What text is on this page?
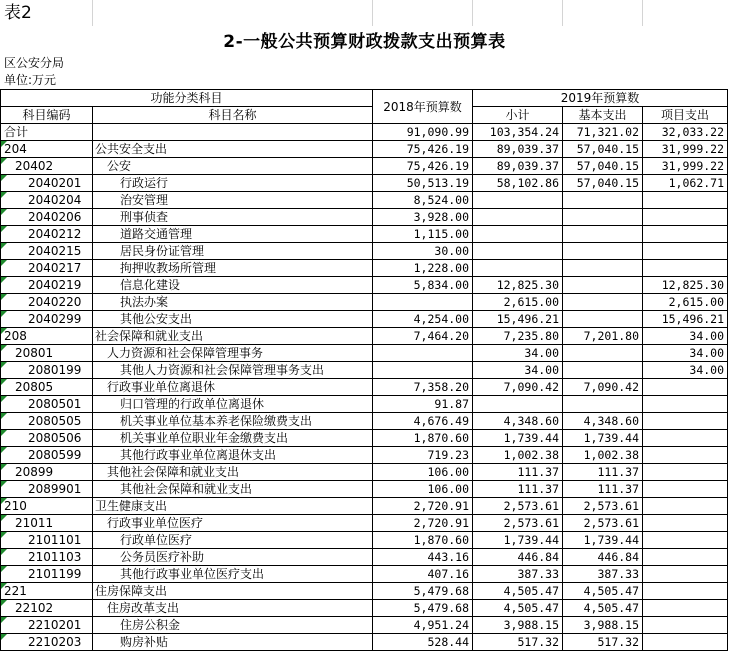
表2
2-一般公共预算财政拨款支出预算表
区公安分局
单位:万元
功能分类科目		2018年预算数	2019年预算数		
科目编码	科目名称		小计	基本支出	项目支出
合计		91,090.99	103,354.24	71,321.02	32,033.22
204	公共安全支出	75,426.19	89,039.37	57,040.15	31,999.22
20402	公安	75,426.19	89,039.37	57,040.15	31,999.22
2040201	行政运行	50,513.19	58,102.86	57,040.15	1,062.71
2040204	治安管理	8,524.00			
2040206	刑事侦查	3,928.00			
2040212	道路交通管理	1,115.00			
2040215	居民身份证管理	30.00			
2040217	拘押收教场所管理	1,228.00			
2040219	信息化建设	5,834.00	12,825.30		12,825.30
2040220	执法办案		2,615.00		2,615.00
2040299	其他公安支出	4,254.00	15,496.21		15,496.21
208	社会保障和就业支出	7,464.20	7,235.80	7,201.80	34.00
20801	人力资源和社会保障管理事务		34.00		34.00
2080199	其他人力资源和社会保障管理事务支出		34.00		34.00
20805	行政事业单位离退休	7,358.20	7,090.42	7,090.42	
2080501	归口管理的行政单位离退休	91.87			
2080505	机关事业单位基本养老保险缴费支出	4,676.49	4,348.60	4,348.60	
2080506	机关事业单位职业年金缴费支出	1,870.60	1,739.44	1,739.44	
2080599	其他行政事业单位离退休支出	719.23	1,002.38	1,002.38	
20899	其他社会保障和就业支出	106.00	111.37	111.37	
2089901	其他社会保障和就业支出	106.00	111.37	111.37	
210	卫生健康支出	2,720.91	2,573.61	2,573.61	
21011	行政事业单位医疗	2,720.91	2,573.61	2,573.61	
2101101	行政单位医疗	1,870.60	1,739.44	1,739.44	
2101103	公务员医疗补助	443.16	446.84	446.84	
2101199	其他行政事业单位医疗支出	407.16	387.33	387.33	
221	住房保障支出	5,479.68	4,505.47	4,505.47	
22102	住房改革支出	5,479.68	4,505.47	4,505.47	
2210201	住房公积金	4,951.24	3,988.15	3,988.15	
2210203	购房补贴	528.44	517.32	517.32	
